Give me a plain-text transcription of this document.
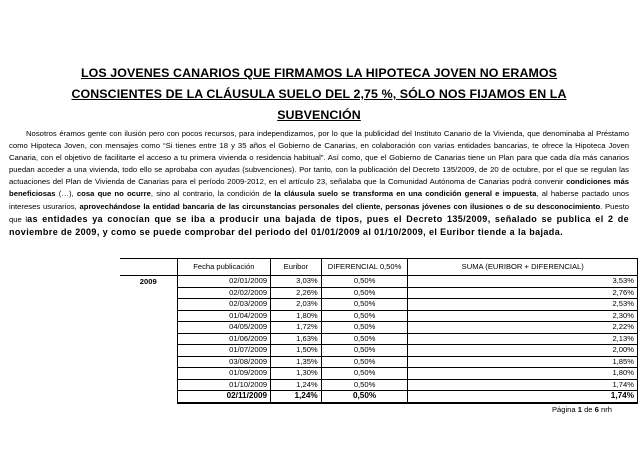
LOS JOVENES CANARIOS QUE FIRMAMOS LA HIPOTECA JOVEN NO ERAMOS
CONSCIENTES DE LA CLÁUSULA SUELO DEL 2,75 %, SÓLO NOS FIJAMOS EN LA
SUBVENCIÓN
Nosotros éramos gente con ilusión pero con pocos recursos, para independizarnos, por lo que la publicidad del Instituto Canario de la Vivienda, que denominaba al Préstamo como Hipoteca Joven, con mensajes como “Si tienes entre 18 y 35 años el Gobierno de Canarias, en colaboración con varias entidades bancarias, te ofrece la Hipoteca Joven Canaria, con el objetivo de facilitarte el acceso a tu primera vivienda o residencia habitual”. Así como, que el Gobierno de Canarias tiene un Plan para que cada día más canarios puedan acceder a una vivienda, todo ello se aprobaba con ayudas (subvenciones). Por tanto, con la publicación del Decreto 135/2009, de 20 de octubre, por el que se regulan las actuaciones del Plan de Vivienda de Canarias para el período 2009-2012, en el artículo 23, señalaba que la Comunidad Autónoma de Canarias podrá convenir condiciones más beneficiosas (…), cosa que no ocurre, sino al contrario, la condición de la cláusula suelo se transforma en una condición general e impuesta, al haberse pactado unos intereses usurarios, aprovechándose la entidad bancaria de las circunstancias personales del cliente, personas jóvenes con ilusiones o de su desconocimiento. Puesto que las entidades ya conocían que se iba a producir una bajada de tipos, pues el Decreto 135/2009, señalado se publica el 2 de noviembre de 2009, y como se puede comprobar del periodo del 01/01/2009 al 01/10/2009, el Euribor tiende a la bajada.
	Fecha publicación	Euribor	DIFERENCIAL 0,50%	SUMA (EURIBOR + DIFERENCIAL)
2009	02/01/2009	3,03%	0,50%	3,53%
	02/02/2009	2,26%	0,50%	2,76%
	02/03/2009	2,03%	0,50%	2,53%
	01/04/2009	1,80%	0,50%	2,30%
	04/05/2009	1,72%	0,50%	2,22%
	01/06/2009	1,63%	0,50%	2,13%
	01/07/2009	1,50%	0,50%	2,00%
	03/08/2009	1,35%	0,50%	1,85%
	01/09/2009	1,30%	0,50%	1,80%
	01/10/2009	1,24%	0,50%	1,74%
	02/11/2009	1,24%	0,50%	1,74%
Página 1 de 6 nrh
